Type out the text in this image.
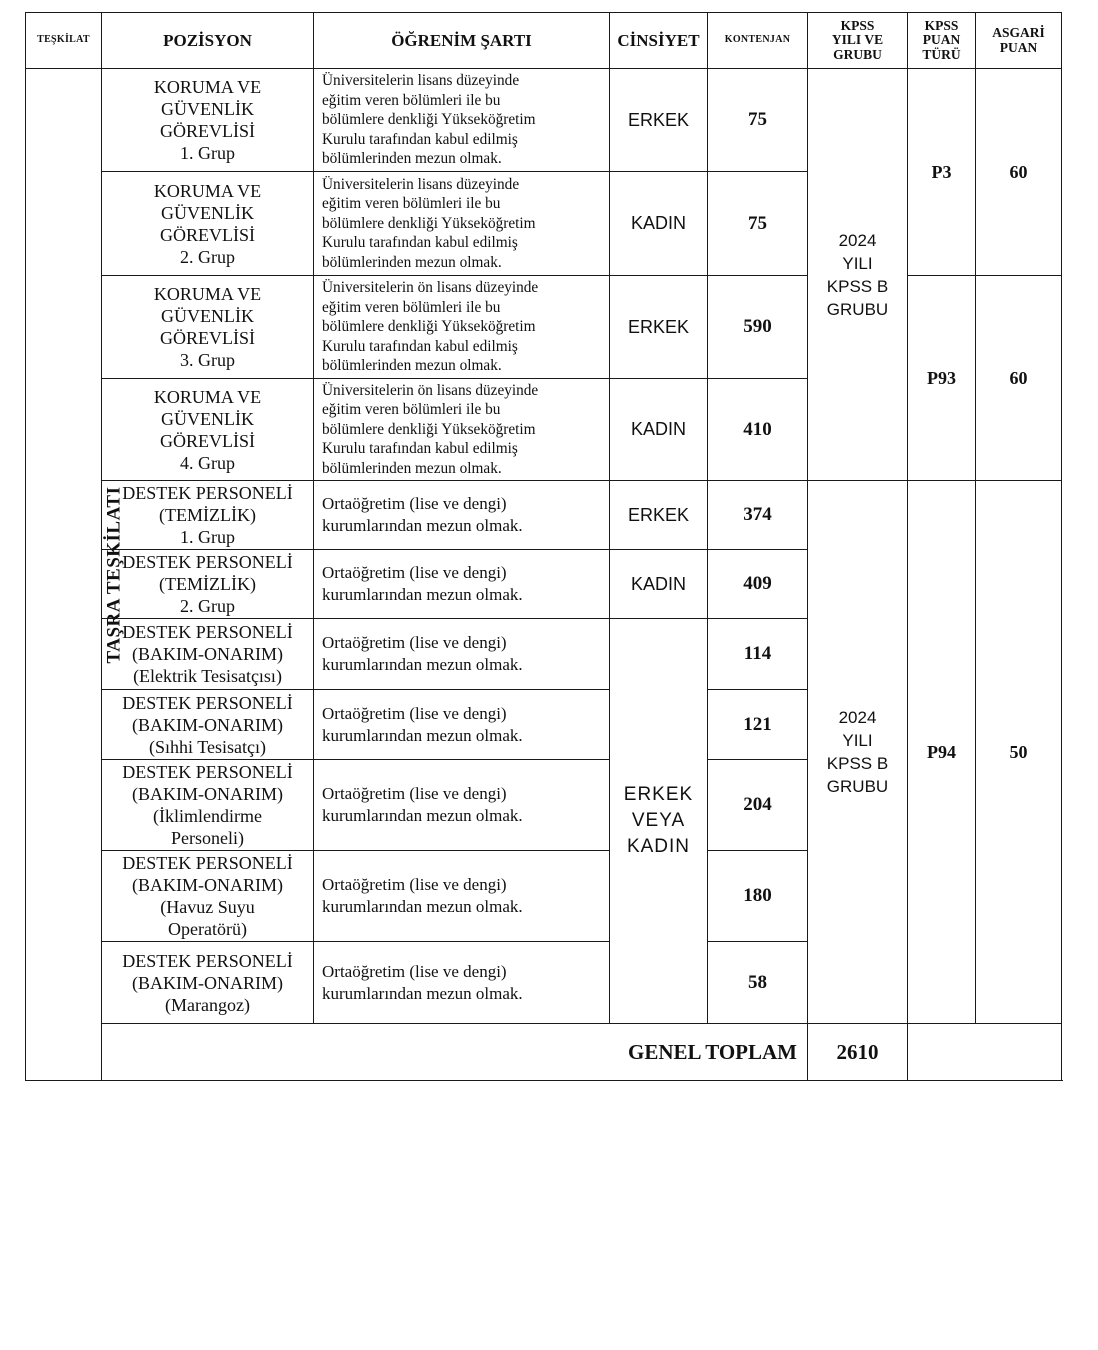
TEŞKİLAT	POZİSYON	ÖĞRENİM ŞARTI	CİNSİYET	KONTENJAN	KPSS
YILI VE
GRUBU	KPSS
PUAN
TÜRÜ	ASGARİ
PUAN

TAŞRA TEŞKİLATI	KORUMA VE
GÜVENLİK
GÖREVLİSİ
1. Grup	Üniversitelerin lisans düzeyinde
eğitim veren bölümleri ile bu
bölümlere denkliği Yükseköğretim
Kurulu tarafından kabul edilmiş
bölümlerinden mezun olmak.	ERKEK	75	2024
YILI
KPSS B
GRUBU	P3	60

	KORUMA VE
GÜVENLİK
GÖREVLİSİ
2. Grup	Üniversitelerin lisans düzeyinde
eğitim veren bölümleri ile bu
bölümlere denkliği Yükseköğretim
Kurulu tarafından kabul edilmiş
bölümlerinden mezun olmak.	KADIN	75			

	KORUMA VE
GÜVENLİK
GÖREVLİSİ
3. Grup	Üniversitelerin ön lisans düzeyinde
eğitim veren bölümleri ile bu
bölümlere denkliği Yükseköğretim
Kurulu tarafından kabul edilmiş
bölümlerinden mezun olmak.	ERKEK	590		P93	60

	KORUMA VE
GÜVENLİK
GÖREVLİSİ
4. Grup	Üniversitelerin ön lisans düzeyinde
eğitim veren bölümleri ile bu
bölümlere denkliği Yükseköğretim
Kurulu tarafından kabul edilmiş
bölümlerinden mezun olmak.	KADIN	410			

	DESTEK PERSONELİ
(TEMİZLİK)
1. Grup	Ortaöğretim (lise ve dengi)
kurumlarından mezun olmak.	ERKEK	374	2024
YILI
KPSS B
GRUBU	P94	50

	DESTEK PERSONELİ
(TEMİZLİK)
2. Grup	Ortaöğretim (lise ve dengi)
kurumlarından mezun olmak.	KADIN	409			

	DESTEK PERSONELİ
(BAKIM-ONARIM)
(Elektrik Tesisatçısı)	Ortaöğretim (lise ve dengi)
kurumlarından mezun olmak.	ERKEK
VEYA
KADIN	114			

	DESTEK PERSONELİ
(BAKIM-ONARIM)
(Sıhhi Tesisatçı)	Ortaöğretim (lise ve dengi)
kurumlarından mezun olmak.		121			

	DESTEK PERSONELİ
(BAKIM-ONARIM)
(İklimlendirme
Personeli)	Ortaöğretim (lise ve dengi)
kurumlarından mezun olmak.		204			

	DESTEK PERSONELİ
(BAKIM-ONARIM)
(Havuz Suyu
Operatörü)	Ortaöğretim (lise ve dengi)
kurumlarından mezun olmak.		180			

	DESTEK PERSONELİ
(BAKIM-ONARIM)
(Marangoz)	Ortaöğretim (lise ve dengi)
kurumlarından mezun olmak.		58			
	GENEL TOPLAM				2610		
